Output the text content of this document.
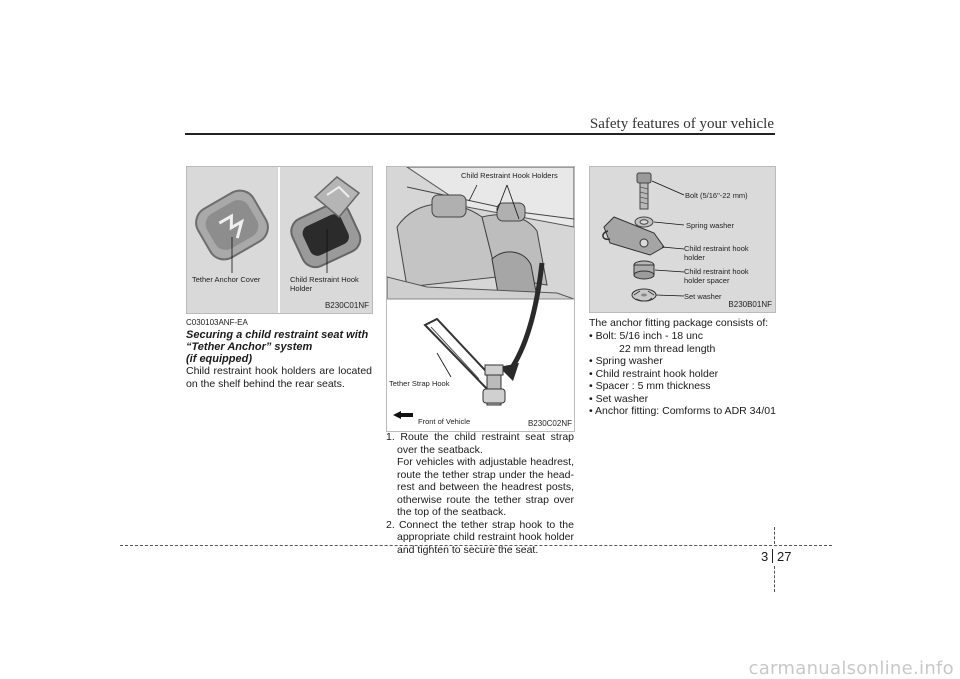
Safety features of your vehicle
Tether Anchor Cover	Child Restraint Hook Holder
B230C01NF
C030103ANF-EA
Securing a child restraint seat with
“Tether Anchor” system
(if equipped)
Child restraint hook holders are located on the shelf behind the rear seats.
Child Restraint Hook Holders
Tether Strap Hook
Front of Vehicle	B230C02NF
1. Route the child restraint seat strap over the seatback.
For vehicles with adjustable headrest, route the tether strap under the head-rest and between the headrest posts, otherwise route the tether strap over the top of the seatback.
2. Connect the tether strap hook to the appropriate child restraint hook holder and tighten to secure the seat.
Bolt (5/16"-22 mm)
Spring washer
Child restraint hook holder
Child restraint hook holder spacer
Set washer
B230B01NF
The anchor fitting package consists of:
• Bolt: 5/16 inch - 18 unc
22 mm thread length
• Spring washer
• Child restraint hook holder
• Spacer : 5 mm thickness
• Set washer
• Anchor fitting: Comforms to ADR 34/01
3 27
carmanualsonline.info
